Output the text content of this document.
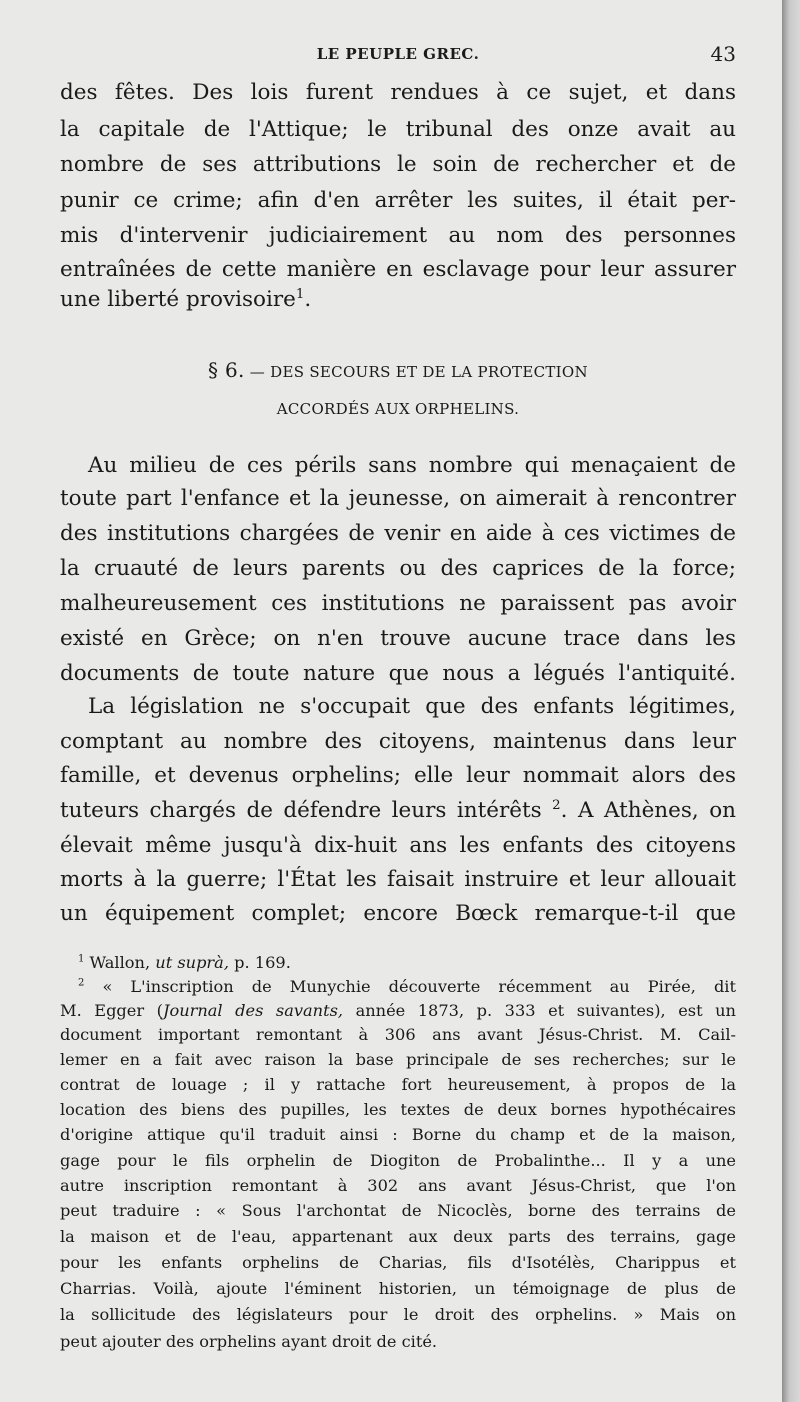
LE PEUPLE GREC.	43
des fêtes. Des lois furent rendues à ce sujet, et dans
la capitale de l'Attique; le tribunal des onze avait au
nombre de ses attributions le soin de rechercher et de
punir ce crime; afin d'en arrêter les suites, il était per-
mis d'intervenir judiciairement au nom des personnes
entraînées de cette manière en esclavage pour leur assurer
une liberté provisoire$^1$.
§ 6. — DES SECOURS ET DE LA PROTECTION
ACCORDÉS AUX ORPHELINS.
Au milieu de ces périls sans nombre qui menaçaient de
toute part l'enfance et la jeunesse, on aimerait à rencontrer
des institutions chargées de venir en aide à ces victimes de
la cruauté de leurs parents ou des caprices de la force;
malheureusement ces institutions ne paraissent pas avoir
existé en Grèce; on n'en trouve aucune trace dans les
documents de toute nature que nous a légués l'antiquité.
La législation ne s'occupait que des enfants légitimes,
comptant au nombre des citoyens, maintenus dans leur
famille, et devenus orphelins; elle leur nommait alors des
tuteurs chargés de défendre leurs intérêts $^2$. A Athènes, on
élevait même jusqu'à dix-huit ans les enfants des citoyens
morts à la guerre; l'État les faisait instruire et leur allouait
un équipement complet; encore Bœck remarque-t-il que
$^1$ Wallon, ut suprà, p. 169.
$^2$ « L'inscription de Munychie découverte récemment au Pirée, dit
M. Egger (Journal des savants, année 1873, p. 333 et suivantes), est un
document important remontant à 306 ans avant Jésus-Christ. M. Cail-
lemer en a fait avec raison la base principale de ses recherches; sur le
contrat de louage ; il y rattache fort heureusement, à propos de la
location des biens des pupilles, les textes de deux bornes hypothécaires
d'origine attique qu'il traduit ainsi : Borne du champ et de la maison,
gage pour le fils orphelin de Diogiton de Probalinthe... Il y a une
autre inscription remontant à 302 ans avant Jésus-Christ, que l'on
peut traduire : « Sous l'archontat de Nicoclès, borne des terrains de
la maison et de l'eau, appartenant aux deux parts des terrains, gage
pour les enfants orphelins de Charias, fils d'Isotélès, Charippus et
Charrias. Voilà, ajoute l'éminent historien, un témoignage de plus de
la sollicitude des législateurs pour le droit des orphelins. » Mais on
peut ajouter des orphelins ayant droit de cité.
